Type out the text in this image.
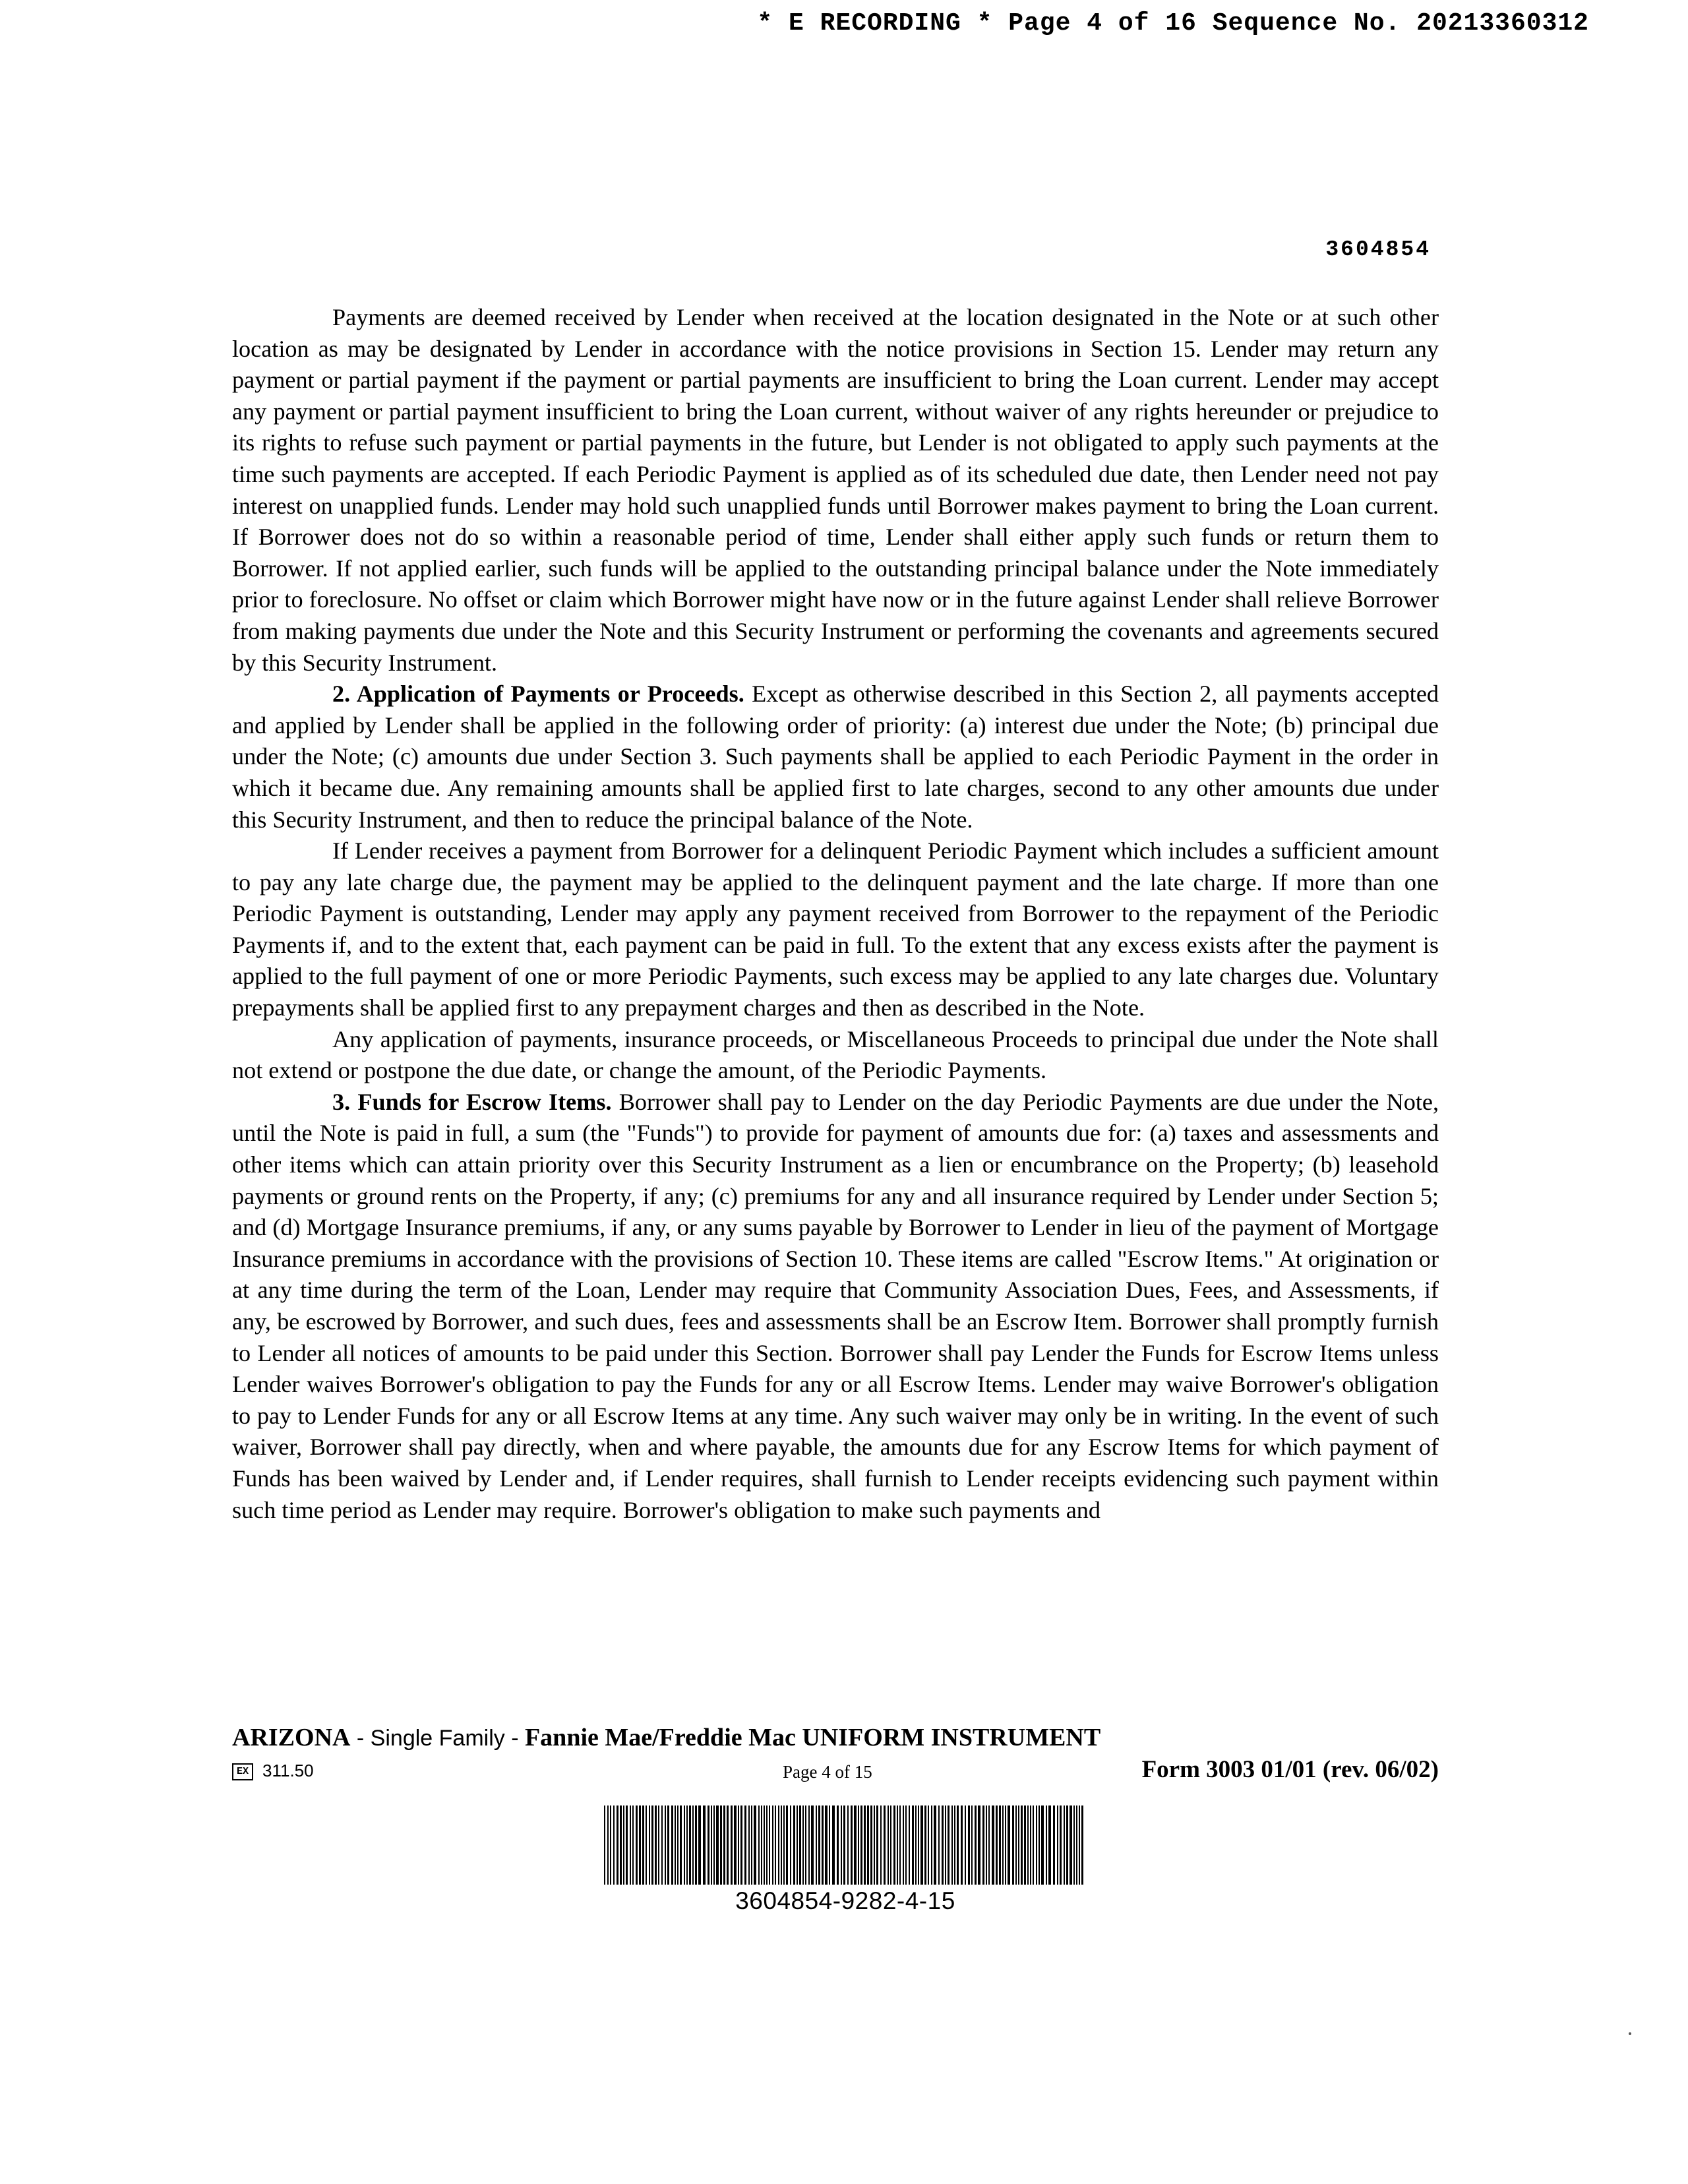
* E RECORDING * Page 4 of 16 Sequence No. 20213360312
3604854

Payments are deemed received by Lender when received at the location designated in the Note or at such other location as may be designated by Lender in accordance with the notice provisions in Section 15. Lender may return any payment or partial payment if the payment or partial payments are insufficient to bring the Loan current. Lender may accept any payment or partial payment insufficient to bring the Loan current, without waiver of any rights hereunder or prejudice to its rights to refuse such payment or partial payments in the future, but Lender is not obligated to apply such payments at the time such payments are accepted. If each Periodic Payment is applied as of its scheduled due date, then Lender need not pay interest on unapplied funds. Lender may hold such unapplied funds until Borrower makes payment to bring the Loan current. If Borrower does not do so within a reasonable period of time, Lender shall either apply such funds or return them to Borrower. If not applied earlier, such funds will be applied to the outstanding principal balance under the Note immediately prior to foreclosure. No offset or claim which Borrower might have now or in the future against Lender shall relieve Borrower from making payments due under the Note and this Security Instrument or performing the covenants and agreements secured by this Security Instrument.

2. Application of Payments or Proceeds. Except as otherwise described in this Section 2, all payments accepted and applied by Lender shall be applied in the following order of priority: (a) interest due under the Note; (b) principal due under the Note; (c) amounts due under Section 3. Such payments shall be applied to each Periodic Payment in the order in which it became due. Any remaining amounts shall be applied first to late charges, second to any other amounts due under this Security Instrument, and then to reduce the principal balance of the Note.

If Lender receives a payment from Borrower for a delinquent Periodic Payment which includes a sufficient amount to pay any late charge due, the payment may be applied to the delinquent payment and the late charge. If more than one Periodic Payment is outstanding, Lender may apply any payment received from Borrower to the repayment of the Periodic Payments if, and to the extent that, each payment can be paid in full. To the extent that any excess exists after the payment is applied to the full payment of one or more Periodic Payments, such excess may be applied to any late charges due. Voluntary prepayments shall be applied first to any prepayment charges and then as described in the Note.

Any application of payments, insurance proceeds, or Miscellaneous Proceeds to principal due under the Note shall not extend or postpone the due date, or change the amount, of the Periodic Payments.

3. Funds for Escrow Items. Borrower shall pay to Lender on the day Periodic Payments are due under the Note, until the Note is paid in full, a sum (the "Funds") to provide for payment of amounts due for: (a) taxes and assessments and other items which can attain priority over this Security Instrument as a lien or encumbrance on the Property; (b) leasehold payments or ground rents on the Property, if any; (c) premiums for any and all insurance required by Lender under Section 5; and (d) Mortgage Insurance premiums, if any, or any sums payable by Borrower to Lender in lieu of the payment of Mortgage Insurance premiums in accordance with the provisions of Section 10. These items are called "Escrow Items." At origination or at any time during the term of the Loan, Lender may require that Community Association Dues, Fees, and Assessments, if any, be escrowed by Borrower, and such dues, fees and assessments shall be an Escrow Item. Borrower shall promptly furnish to Lender all notices of amounts to be paid under this Section. Borrower shall pay Lender the Funds for Escrow Items unless Lender waives Borrower's obligation to pay the Funds for any or all Escrow Items. Lender may waive Borrower's obligation to pay to Lender Funds for any or all Escrow Items at any time. Any such waiver may only be in writing. In the event of such waiver, Borrower shall pay directly, when and where payable, the amounts due for any Escrow Items for which payment of Funds has been waived by Lender and, if Lender requires, shall furnish to Lender receipts evidencing such payment within such time period as Lender may require. Borrower's obligation to make such payments and

ARIZONA - Single Family - Fannie Mae/Freddie Mac UNIFORM INSTRUMENT
EX 311.50	Page 4 of 15	Form 3003 01/01 (rev. 06/02)
3604854-9282-4-15
